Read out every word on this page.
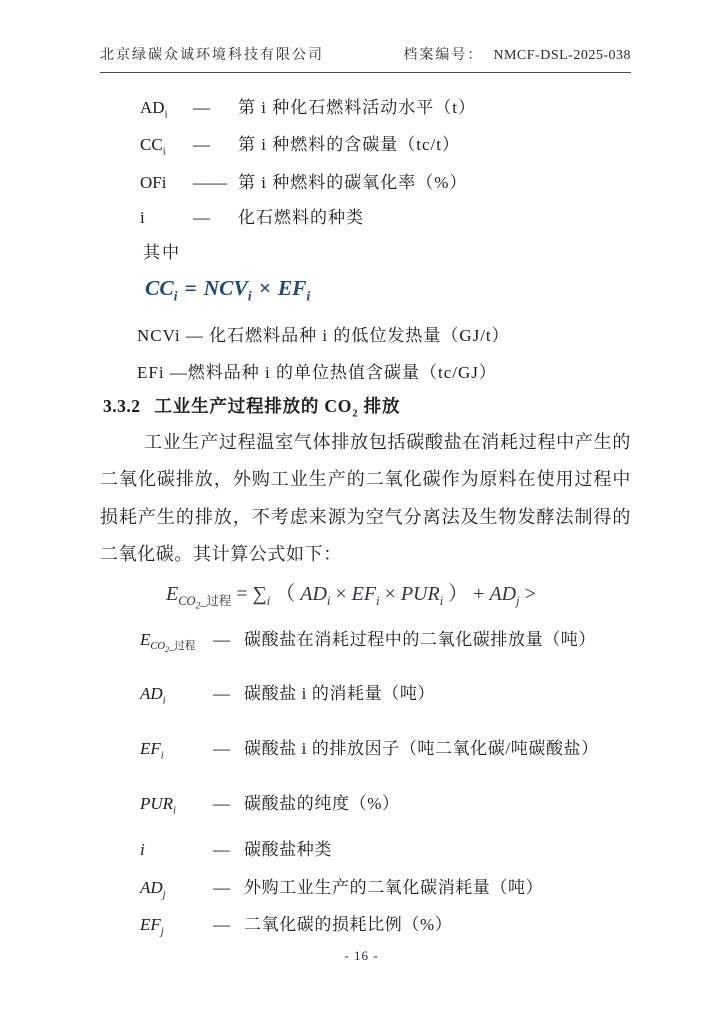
北京绿碳众诚环境科技有限公司	档案编号： NMCF-DSL-2025-038
$AD_i$	—	第 i 种化石燃料活动水平（t）
$CC_i$	—	第 i 种燃料的含碳量（tc/t）
OFi	—— 第 i 种燃料的碳氧化率（%）
i	—	化石燃料的种类
其中
$CC_i = NCV_i \times EF_i$
NCVi — 化石燃料品种 i 的低位发热量（GJ/t）
EFi —燃料品种 i 的单位热值含碳量（tc/GJ）
3.3.2 工业生产过程排放的 $CO_2$ 排放
工业生产过程温室气体排放包括碳酸盐在消耗过程中产生的二氧化碳排放，外购工业生产的二氧化碳作为原料在使用过程中损耗产生的排放，不考虑来源为空气分离法及生物发酵法制得的二氧化碳。其计算公式如下：
$E_{CO_2\_过程} = \sum_i$ （ $AD_i \times EF_i \times PUR_i$ ） + $AD_j$ >
$E_{CO_2\_过程}$	— 碳酸盐在消耗过程中的二氧化碳排放量（吨）
$AD_i$	— 碳酸盐 i 的消耗量（吨）
$EF_i$	— 碳酸盐 i 的排放因子（吨二氧化碳/吨碳酸盐）
$PUR_i$	— 碳酸盐的纯度（%）
i	— 碳酸盐种类
$AD_j$	— 外购工业生产的二氧化碳消耗量（吨）
$EF_j$	— 二氧化碳的损耗比例（%）
- 16 -
